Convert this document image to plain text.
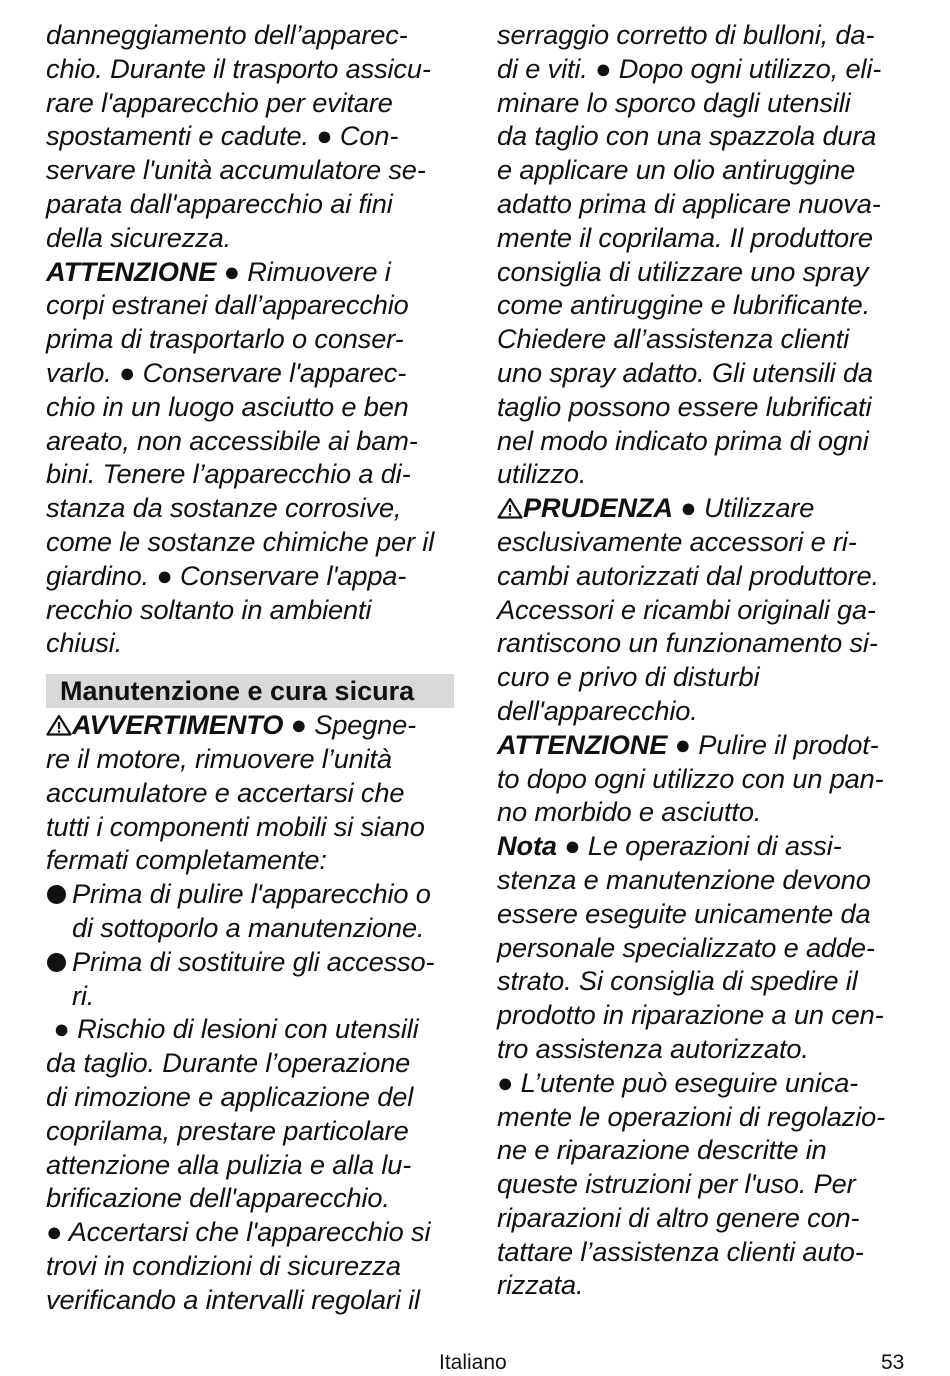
danneggiamento dell’apparec-
chio. Durante il trasporto assicu-
rare l'apparecchio per evitare
spostamenti e cadute. ● Con-
servare l'unità accumulatore se-
parata dall'apparecchio ai fini
della sicurezza.
ATTENZIONE ● Rimuovere i
corpi estranei dall’apparecchio
prima di trasportarlo o conser-
varlo. ● Conservare l'apparec-
chio in un luogo asciutto e ben
areato, non accessibile ai bam-
bini. Tenere l’apparecchio a di-
stanza da sostanze corrosive,
come le sostanze chimiche per il
giardino. ● Conservare l'appa-
recchio soltanto in ambienti
chiusi.
Manutenzione e cura sicura
AVVERTIMENTO ● Spegne-
re il motore, rimuovere l’unità
accumulatore e accertarsi che
tutti i componenti mobili si siano
fermati completamente:
Prima di pulire l'apparecchio o
di sottoporlo a manutenzione.
Prima di sostituire gli accesso-
ri.
● Rischio di lesioni con utensili
da taglio. Durante l’operazione
di rimozione e applicazione del
coprilama, prestare particolare
attenzione alla pulizia e alla lu-
brificazione dell'apparecchio.
● Accertarsi che l'apparecchio si
trovi in condizioni di sicurezza
verificando a intervalli regolari il
serraggio corretto di bulloni, da-
di e viti. ● Dopo ogni utilizzo, eli-
minare lo sporco dagli utensili
da taglio con una spazzola dura
e applicare un olio antiruggine
adatto prima di applicare nuova-
mente il coprilama. Il produttore
consiglia di utilizzare uno spray
come antiruggine e lubrificante.
Chiedere all’assistenza clienti
uno spray adatto. Gli utensili da
taglio possono essere lubrificati
nel modo indicato prima di ogni
utilizzo.
PRUDENZA ● Utilizzare
esclusivamente accessori e ri-
cambi autorizzati dal produttore.
Accessori e ricambi originali ga-
rantiscono un funzionamento si-
curo e privo di disturbi
dell'apparecchio.
ATTENZIONE ● Pulire il prodot-
to dopo ogni utilizzo con un pan-
no morbido e asciutto.
Nota ● Le operazioni di assi-
stenza e manutenzione devono
essere eseguite unicamente da
personale specializzato e adde-
strato. Si consiglia di spedire il
prodotto in riparazione a un cen-
tro assistenza autorizzato.
● L’utente può eseguire unica-
mente le operazioni di regolazio-
ne e riparazione descritte in
queste istruzioni per l'uso. Per
riparazioni di altro genere con-
tattare l’assistenza clienti auto-
rizzata.
Italiano	53
